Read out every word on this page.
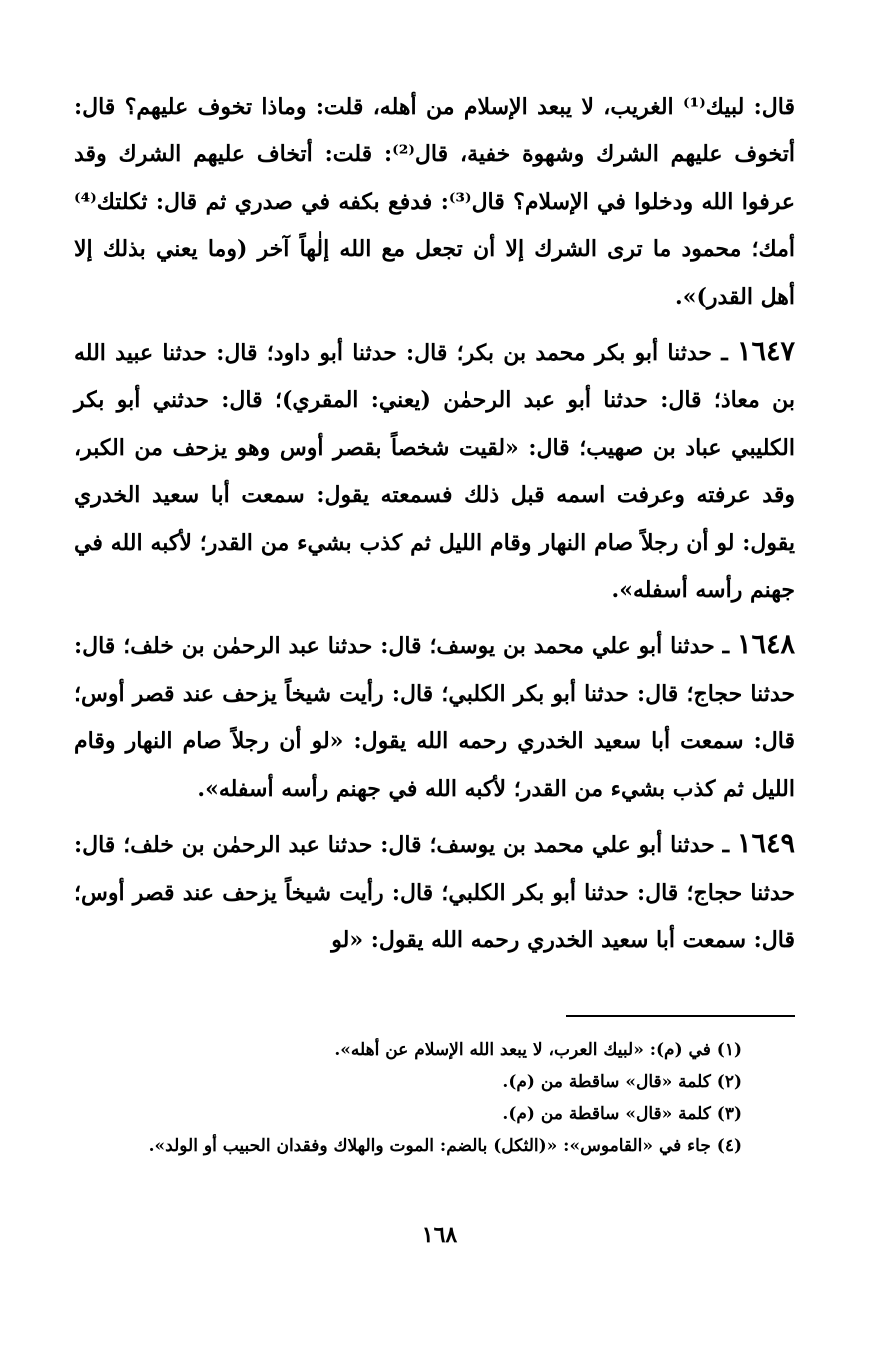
قال: لبيك⁽¹⁾ الغريب، لا يبعد الإسلام من أهله، قلت: وماذا تخوف عليهم؟ قال: أتخوف عليهم الشرك وشهوة خفية، قال⁽²⁾: قلت: أتخاف عليهم الشرك وقد عرفوا الله ودخلوا في الإسلام؟ قال⁽³⁾: فدفع بكفه في صدري ثم قال: ثكلتك⁽⁴⁾ أمك؛ محمود ما ترى الشرك إلا أن تجعل مع الله إلٰهاً آخر (وما يعني بذلك إلا أهل القدر)».

١٦٤٧ ـ حدثنا أبو بكر محمد بن بكر؛ قال: حدثنا أبو داود؛ قال: حدثنا عبيد الله بن معاذ؛ قال: حدثنا أبو عبد الرحمٰن (يعني: المقري)؛ قال: حدثني أبو بكر الكليبي عباد بن صهيب؛ قال: «لقيت شخصاً بقصر أوس وهو يزحف من الكبر، وقد عرفته وعرفت اسمه قبل ذلك فسمعته يقول: سمعت أبا سعيد الخدري يقول: لو أن رجلاً صام النهار وقام الليل ثم كذب بشيء من القدر؛ لأكبه الله في جهنم رأسه أسفله».

١٦٤٨ ـ حدثنا أبو علي محمد بن يوسف؛ قال: حدثنا عبد الرحمٰن بن خلف؛ قال: حدثنا حجاج؛ قال: حدثنا أبو بكر الكلبي؛ قال: رأيت شيخاً يزحف عند قصر أوس؛ قال: سمعت أبا سعيد الخدري رحمه الله يقول: «لو أن رجلاً صام النهار وقام الليل ثم كذب بشيء من القدر؛ لأكبه الله في جهنم رأسه أسفله».

١٦٤٩ ـ حدثنا أبو علي محمد بن يوسف؛ قال: حدثنا عبد الرحمٰن بن خلف؛ قال: حدثنا حجاج؛ قال: حدثنا أبو بكر الكلبي؛ قال: رأيت شيخاً يزحف عند قصر أوس؛ قال: سمعت أبا سعيد الخدري رحمه الله يقول: «لو

(١) في (م): «لبيك العرب، لا يبعد الله الإسلام عن أهله».

(٢) كلمة «قال» ساقطة من (م).

(٣) كلمة «قال» ساقطة من (م).

(٤) جاء في «القاموس»: «(الثكل) بالضم: الموت والهلاك وفقدان الحبيب أو الولد».

١٦٨
